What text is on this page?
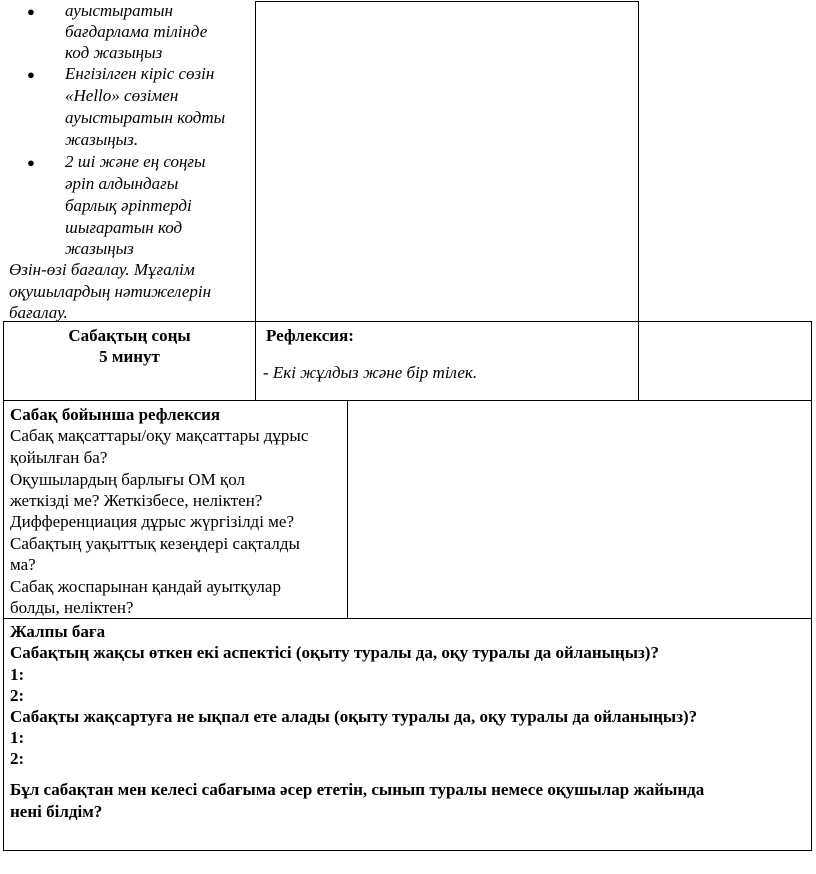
● ауыстыратын
бағдарлама тілінде
код жазыңыз
● Енгізілген кіріс сөзін
«Hello» сөзімен
ауыстыратын кодты
жазыңыз.
● 2 ші және ең соңғы
әріп алдындағы
барлық әріптерді
шығаратын код
жазыңыз
Өзін-өзі бағалау. Мұғалім
оқушылардың нәтижелерін
бағалау.
Сабақтың соңы
5 минут
Рефлексия:
- Екі жұлдыз және бір тілек.
Сабақ бойынша рефлексия
Сабақ мақсаттары/оқу мақсаттары дұрыс
қойылған ба?
Оқушылардың барлығы ОМ қол
жеткізді ме? Жеткізбесе, неліктен?
Дифференциация дұрыс жүргізілді ме?
Сабақтың уақыттық кезеңдері сақталды
ма?
Сабақ жоспарынан қандай ауытқулар
болды, неліктен?
Жалпы баға
Сабақтың жақсы өткен екі аспектісі (оқыту туралы да, оқу туралы да ойланыңыз)?
1:
2:
Сабақты жақсартуға не ықпал ете алады (оқыту туралы да, оқу туралы да ойланыңыз)?
1:
2:
Бұл сабақтан мен келесі сабағыма әсер ететін, сынып туралы немесе оқушылар жайында
нені білдім?
